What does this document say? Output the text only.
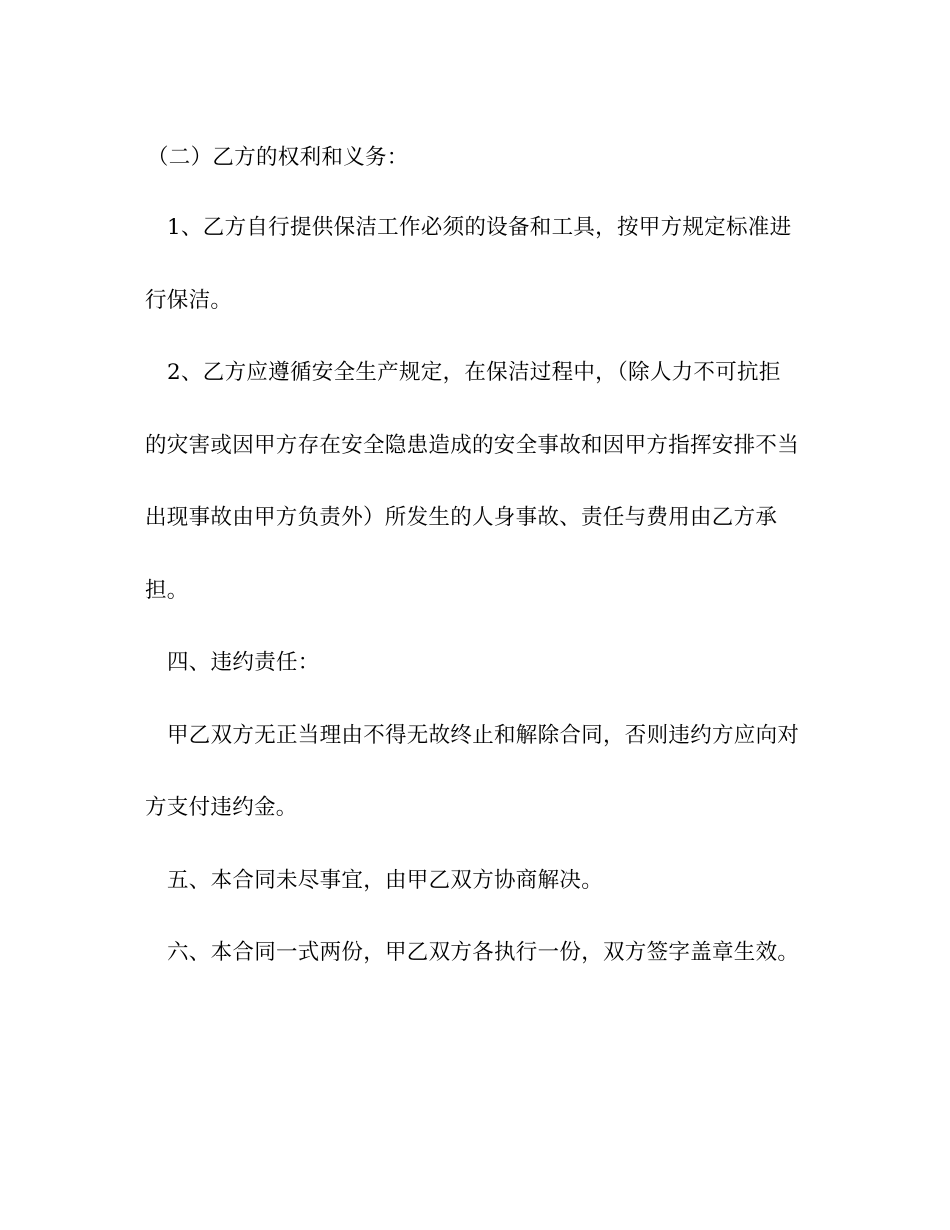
（二）乙方的权利和义务：
1、乙方自行提供保洁工作必须的设备和工具，按甲方规定标准进
行保洁。
2、乙方应遵循安全生产规定，在保洁过程中，（除人力不可抗拒
的灾害或因甲方存在安全隐患造成的安全事故和因甲方指挥安排不当
出现事故由甲方负责外）所发生的人身事故、责任与费用由乙方承
担。
四、违约责任：
甲乙双方无正当理由不得无故终止和解除合同，否则违约方应向对
方支付违约金。
五、本合同未尽事宜，由甲乙双方协商解决。
六、本合同一式两份，甲乙双方各执行一份，双方签字盖章生效。
